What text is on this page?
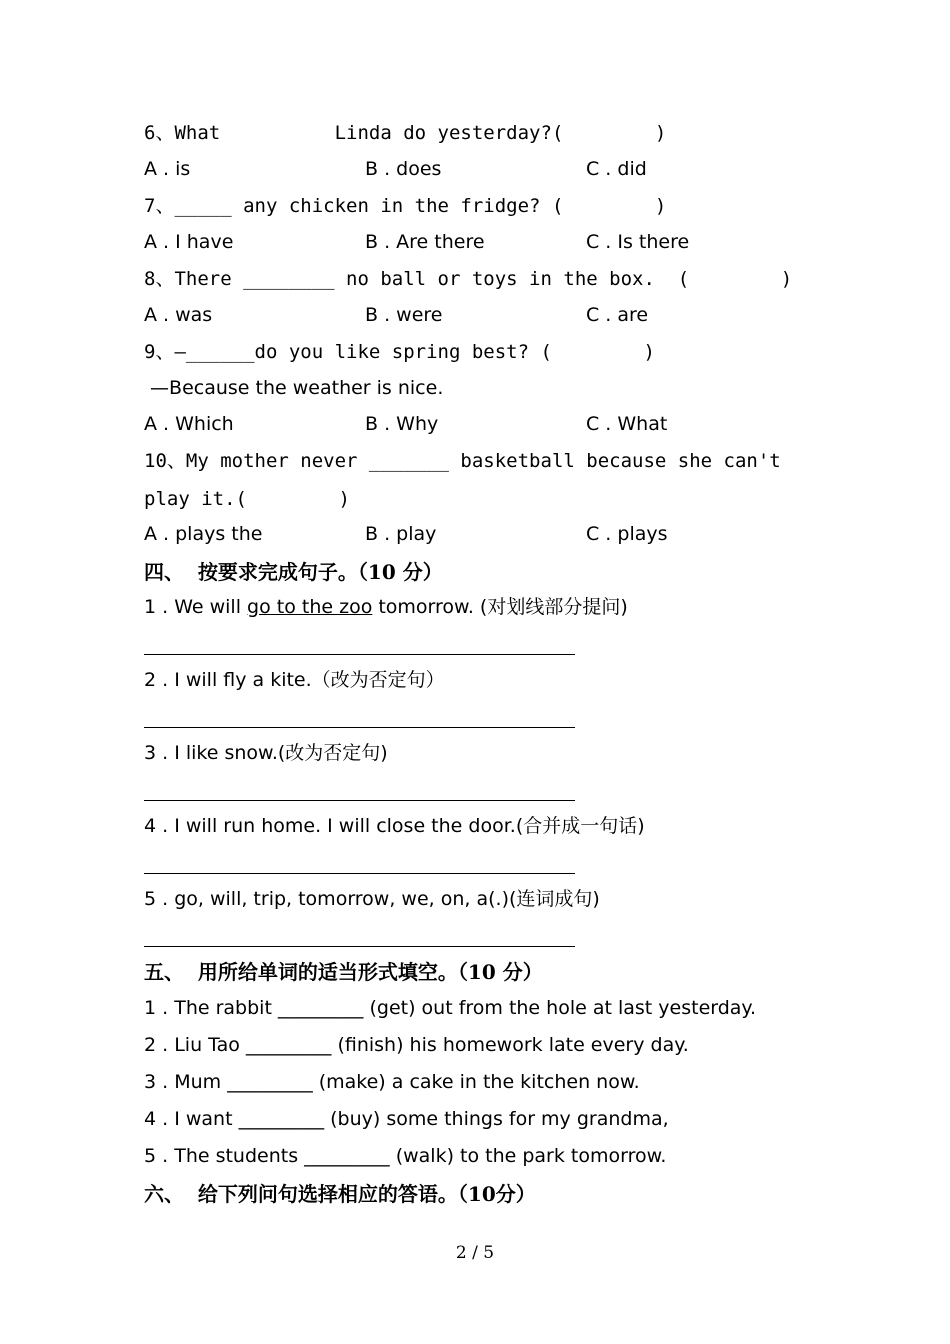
6、What          Linda do yesterday?(        )
A . is	B . does	C . did
7、_____ any chicken in the fridge? (        )
A . I have	B . Are there	C . Is there
8、There ________ no ball or toys in the box.  (        )
A . was	B . were	C . are
9、—______do you like spring best? (        )
—Because the weather is nice.
A . Which	B . Why	C . What
10、My mother never _______ basketball because she can't
play it.(        )
A . plays the	B . play	C . plays
四、  按要求完成句子。（10 分）
1 . We will go to the zoo tomorrow. (对划线部分提问)
2 . I will fly a kite.（改为否定句）
3 . I like snow.(改为否定句)
4 . I will run home. I will close the door.(合并成一句话)
5 . go, will, trip, tomorrow, we, on, a(.)(连词成句)
五、  用所给单词的适当形式填空。（10 分）
1 . The rabbit _________ (get) out from the hole at last yesterday.
2 . Liu Tao _________ (finish) his homework late every day.
3 . Mum _________ (make) a cake in the kitchen now.
4 . I want _________ (buy) some things for my grandma,
5 . The students _________ (walk) to the park tomorrow.
六、  给下列问句选择相应的答语。（10分）
2 / 5
